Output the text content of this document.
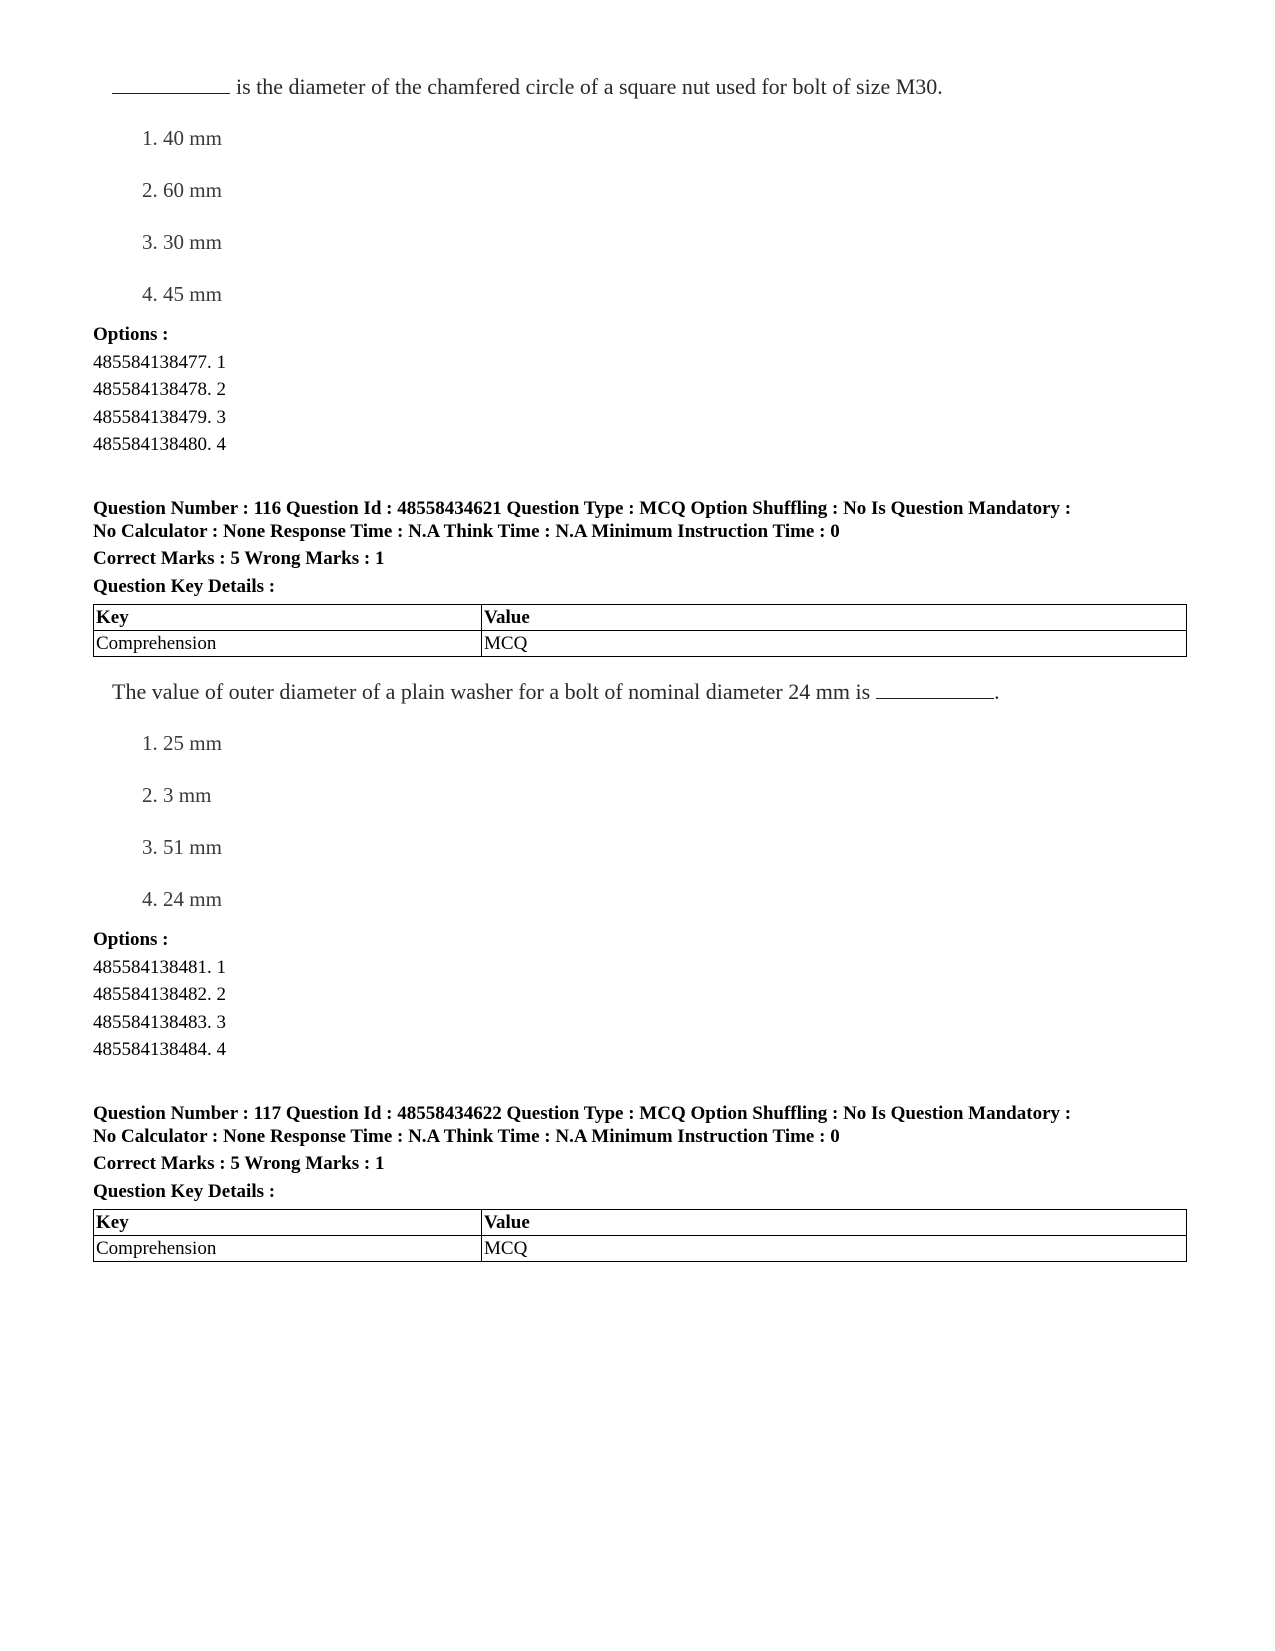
is the diameter of the chamfered circle of a square nut used for bolt of size M30.
1. 40 mm
2. 60 mm
3. 30 mm
4. 45 mm
Options :
485584138477. 1
485584138478. 2
485584138479. 3
485584138480. 4
Question Number : 116 Question Id : 48558434621 Question Type : MCQ Option Shuffling : No Is Question Mandatory :
No Calculator : None Response Time : N.A Think Time : N.A Minimum Instruction Time : 0
Correct Marks : 5 Wrong Marks : 1
Question Key Details :
Key	Value
Comprehension	MCQ
The value of outer diameter of a plain washer for a bolt of nominal diameter 24 mm is	.
1. 25 mm
2. 3 mm
3. 51 mm
4. 24 mm
Options :
485584138481. 1
485584138482. 2
485584138483. 3
485584138484. 4
Question Number : 117 Question Id : 48558434622 Question Type : MCQ Option Shuffling : No Is Question Mandatory :
No Calculator : None Response Time : N.A Think Time : N.A Minimum Instruction Time : 0
Correct Marks : 5 Wrong Marks : 1
Question Key Details :
Key	Value
Comprehension	MCQ
